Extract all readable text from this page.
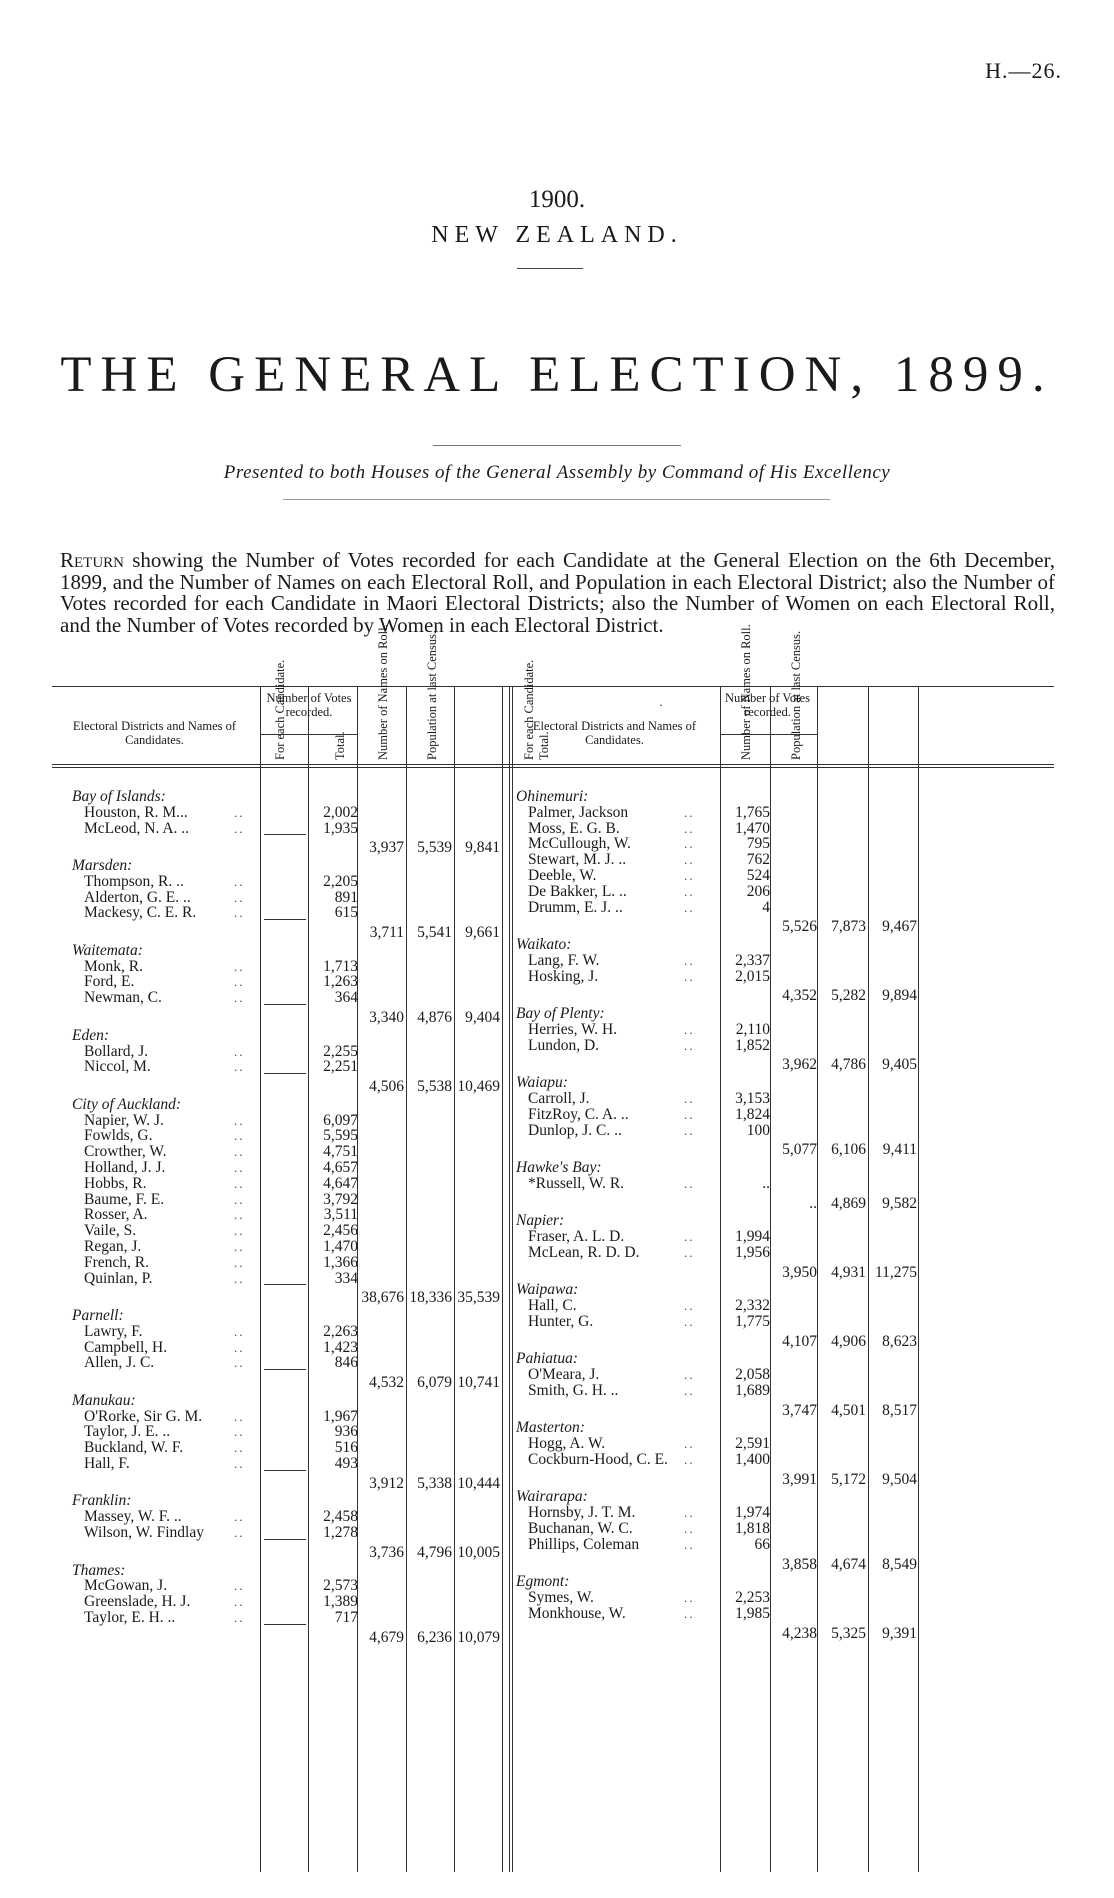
H.—26.
1900.
NEW ZEALAND.
THE GENERAL ELECTION, 1899.
Presented to both Houses of the General Assembly by Command of His Excellency
Return showing the Number of Votes recorded for each Candidate at the General Election on the 6th December, 1899, and the Number of Names on each Electoral Roll, and Population in each Electoral District; also the Number of Votes recorded for each Candidate in Maori Electoral Districts; also the Number of Women on each Electoral Roll, and the Number of Votes recorded by Women in each Electoral District.
Electoral Districts and Names of Candidates.
Number of Votes recorded.
For each Candidate.	Total. Number of Names on Roll.	Population at last Census.	Electoral Districts and Names of Candidates.
Number of Votes recorded.
For each Candidate. Total.	Number of Names on Roll.	Population at last Census.
.
Bay of Islands:
Houston, R. M...	..	2,002
McLeod, N. A. ..	..	1,935
3,937 5,539 9,841
Marsden:
Thompson, R. ..	..	2,205
Alderton, G. E. ..	..	891
Mackesy, C. E. R.	..	615
3,711 5,541 9,661
Waitemata:
Monk, R.	..	1,713
Ford, E.	..	1,263
Newman, C.	..	364
3,340 4,876 9,404
Eden:
Bollard, J.	..	2,255
Niccol, M.	..	2,251
4,506 5,538 10,469
City of Auckland:
Napier, W. J.	..	6,097
Fowlds, G.	..	5,595
Crowther, W.	..	4,751
Holland, J. J.	..	4,657
Hobbs, R.	..	4,647
Baume, F. E.	..	3,792
Rosser, A.	..	3,511
Vaile, S.	..	2,456
Regan, J.	..	1,470
French, R.	..	1,366
Quinlan, P.	..	334
38,676 18,336 35,539
Parnell:
Lawry, F.	..	2,263
Campbell, H.	..	1,423
Allen, J. C.	..	846
4,532 6,079 10,741
Manukau:
O'Rorke, Sir G. M. ..	1,967
Taylor, J. E. ..	..	936
Buckland, W. F.	..	516
Hall, F.	..	493
3,912 5,338 10,444
Franklin:
Massey, W. F. ..	..	2,458
Wilson, W. Findlay ..	1,278
3,736 4,796 10,005
Thames:
McGowan, J.	..	2,573
Greenslade, H. J.	..	1,389
Taylor, E. H. ..	..	717
4,679 6,236 10,079
Ohinemuri:
Palmer, Jackson	..	1,765
Moss, E. G. B.	..	1,470
McCullough, W.	..	795
Stewart, M. J. ..	..	762
Deeble, W.	..	524
De Bakker, L. ..	..	206
Drumm, E. J. ..	..	4
5,526 7,873 9,467
Waikato:
Lang, F. W.	..	2,337
Hosking, J.	..	2,015
4,352 5,282 9,894
Bay of Plenty:
Herries, W. H.	..	2,110
Lundon, D.	..	1,852
3,962 4,786 9,405
Waiapu:
Carroll, J.	..	3,153
FitzRoy, C. A. ..	..	1,824
Dunlop, J. C. ..	..	100
5,077 6,106 9,411
Hawke's Bay:
*Russell, W. R.	..	..
.. 4,869 9,582
Napier:
Fraser, A. L. D.	..	1,994
McLean, R. D. D.	..	1,956
3,950 4,931 11,275
Waipawa:
Hall, C.	..	2,332
Hunter, G.	..	1,775
4,107 4,906 8,623
Pahiatua:
O'Meara, J.	..	2,058
Smith, G. H. ..	..	1,689
3,747 4,501 8,517
Masterton:
Hogg, A. W.	..	2,591
Cockburn-Hood, C. E. ..	1,400
3,991 5,172 9,504
Wairarapa:
Hornsby, J. T. M.	..	1,974
Buchanan, W. C.	..	1,818
Phillips, Coleman	..	66
3,858 4,674 8,549
Egmont:
Symes, W.	..	2,253
Monkhouse, W.	..	1,985
4,238 5,325 9,391
